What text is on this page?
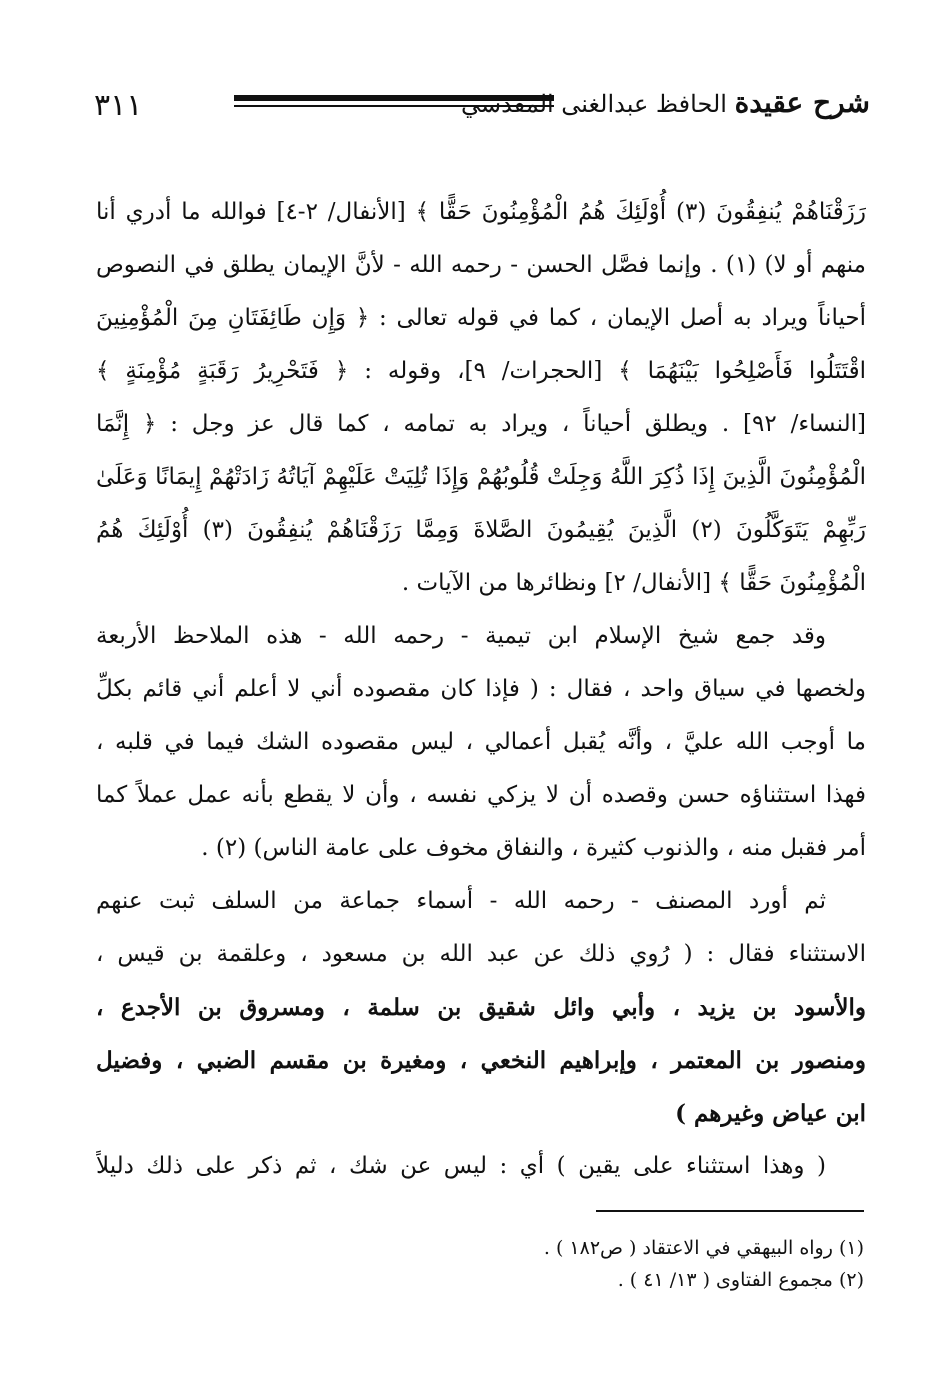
٣١١	شرح عقيدة الحافظ عبدالغنى المقدسي
رَزَقْنَاهُمْ يُنفِقُونَ (٣) أُوْلَئِكَ هُمُ الْمُؤْمِنُونَ حَقًّا ﴾ [الأنفال/ ٢-٤] فوالله ما أدري أنا
منهم أو لا) (١) . وإنما فصَّل الحسن - رحمه الله - لأنَّ الإيمان يطلق في النصوص
أحياناً ويراد به أصل الإيمان ، كما في قوله تعالى : ﴿ وَإِن طَائِفَتَانِ مِنَ الْمُؤْمِنِينَ
اقْتَتَلُوا فَأَصْلِحُوا بَيْنَهُمَا ﴾ [الحجرات/ ٩]، وقوله : ﴿ فَتَحْرِيرُ رَقَبَةٍ مُؤْمِنَةٍ ﴾
[النساء/ ٩٢] . ويطلق أحياناً ، ويراد به تمامه ، كما قال عز وجل : ﴿ إِنَّمَا
الْمُؤْمِنُونَ الَّذِينَ إِذَا ذُكِرَ اللَّهُ وَجِلَتْ قُلُوبُهُمْ وَإِذَا تُلِيَتْ عَلَيْهِمْ آيَاتُهُ زَادَتْهُمْ إِيمَانًا وَعَلَىٰ
رَبِّهِمْ يَتَوَكَّلُونَ (٢) الَّذِينَ يُقِيمُونَ الصَّلاةَ وَمِمَّا رَزَقْنَاهُمْ يُنفِقُونَ (٣) أُوْلَئِكَ هُمُ
الْمُؤْمِنُونَ حَقًّا ﴾ [الأنفال/ ٢] ونظائرها من الآيات .
وقد جمع شيخ الإسلام ابن تيمية - رحمه الله - هذه الملاحظ الأربعة
ولخصها في سياق واحد ، فقال : ( فإذا كان مقصوده أني لا أعلم أني قائم بكلِّ
ما أوجب الله عليَّ ، وأنَّه يُقبل أعمالي ، ليس مقصوده الشك فيما في قلبه ،
فهذا استثناؤه حسن وقصده أن لا يزكي نفسه ، وأن لا يقطع بأنه عمل عملاً كما
أمر فقبل منه ، والذنوب كثيرة ، والنفاق مخوف على عامة الناس) (٢) .
ثم أورد المصنف - رحمه الله - أسماء جماعة من السلف ثبت عنهم
الاستثناء فقال : ( رُوي ذلك عن عبد الله بن مسعود ، وعلقمة بن قيس ،
والأسود بن يزيد ، وأبي وائل شقيق بن سلمة ، ومسروق بن الأجدع ،
ومنصور بن المعتمر ، وإبراهيم النخعي ، ومغيرة بن مقسم الضبي ، وفضيل
ابن عياض وغيرهم )
( وهذا استثناء على يقين ) أي : ليس عن شك ، ثم ذكر على ذلك دليلاً
(١) رواه البيهقي في الاعتقاد ( ص١٨٢ ) .
(٢) مجموع الفتاوى ( ١٣/ ٤١ ) .
